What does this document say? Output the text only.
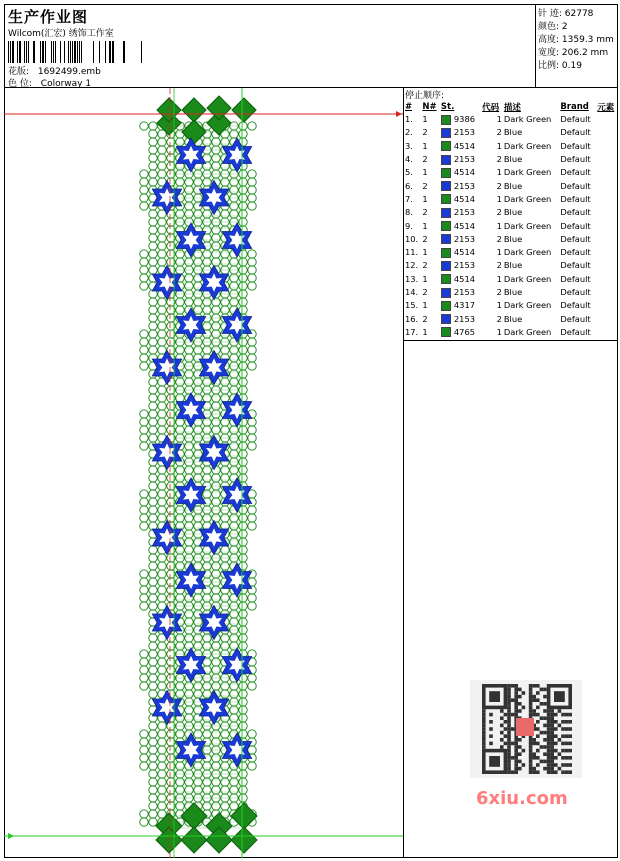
生产作业图
Wilcom(汇宏) 绣饰工作室
花版: 1692499.emb
色 位: Colorway 1
针 迹: 62778
颜色: 2
高度: 1359.3 mm
宽度: 206.2 mm
比例: 0.19
停止顺序:
#	N#	St.	代码	描述	Brand	元素
1.	1	9386	1	Dark Green	Default	
2.	2	2153	2	Blue	Default	
3.	1	4514	1	Dark Green	Default	
4.	2	2153	2	Blue	Default	
5.	1	4514	1	Dark Green	Default	
6.	2	2153	2	Blue	Default	
7.	1	4514	1	Dark Green	Default	
8.	2	2153	2	Blue	Default	
9.	1	4514	1	Dark Green	Default	
10.	2	2153	2	Blue	Default	
11.	1	4514	1	Dark Green	Default	
12.	2	2153	2	Blue	Default	
13.	1	4514	1	Dark Green	Default	
14.	2	2153	2	Blue	Default	
15.	1	4317	1	Dark Green	Default	
16.	2	2153	2	Blue	Default	
17.	1	4765	1	Dark Green	Default	
6xiu.com
